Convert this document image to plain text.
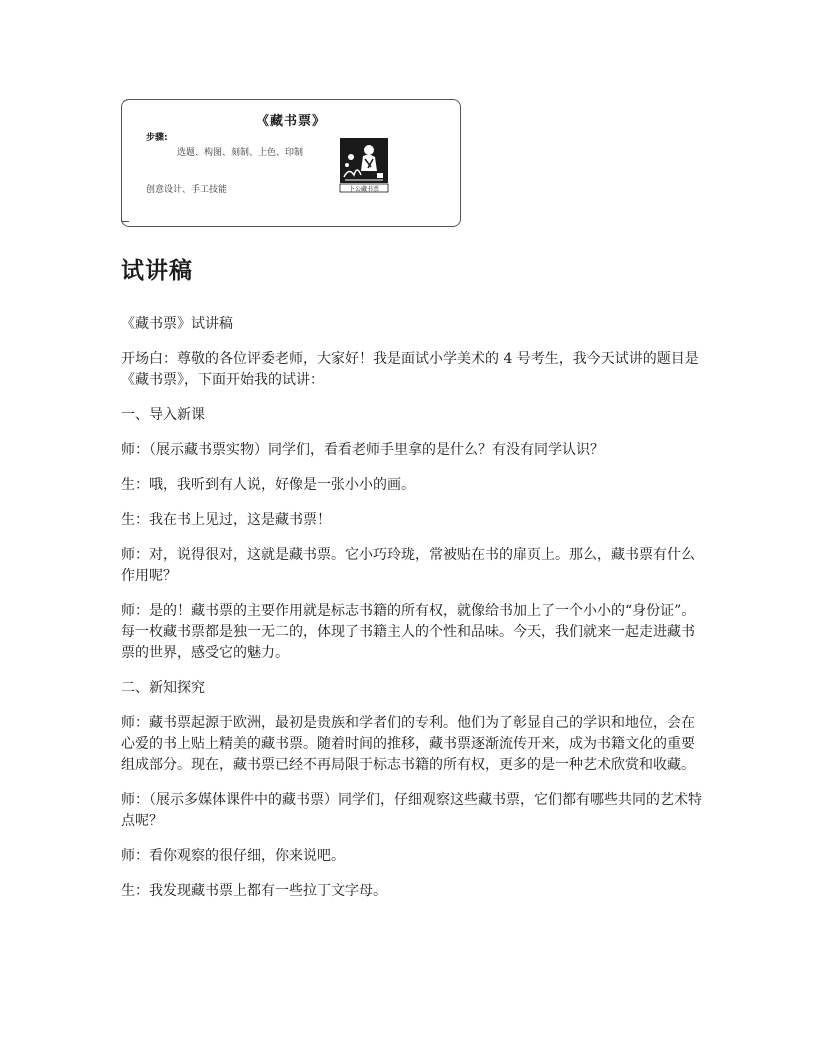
《藏书票》
步骤:
选题、构图、刻制、上色、印制
创意设计、手工技能	卜公藏书票
试讲稿

《藏书票》试讲稿

开场白：尊敬的各位评委老师，大家好！我是面试小学美术的 4 号考生，我今天试讲的题目是《藏书票》，下面开始我的试讲：

一、导入新课

师：（展示藏书票实物）同学们，看看老师手里拿的是什么？有没有同学认识？

生：哦，我听到有人说，好像是一张小小的画。

生：我在书上见过，这是藏书票！

师：对，说得很对，这就是藏书票。它小巧玲珑，常被贴在书的扉页上。那么，藏书票有什么作用呢？

师：是的！藏书票的主要作用就是标志书籍的所有权，就像给书加上了一个小小的“身份证”。每一枚藏书票都是独一无二的，体现了书籍主人的个性和品味。今天，我们就来一起走进藏书票的世界，感受它的魅力。

二、新知探究

师：藏书票起源于欧洲，最初是贵族和学者们的专利。他们为了彰显自己的学识和地位，会在心爱的书上贴上精美的藏书票。随着时间的推移，藏书票逐渐流传开来，成为书籍文化的重要组成部分。现在，藏书票已经不再局限于标志书籍的所有权，更多的是一种艺术欣赏和收藏。

师：（展示多媒体课件中的藏书票）同学们，仔细观察这些藏书票，它们都有哪些共同的艺术特点呢？

师：看你观察的很仔细，你来说吧。

生：我发现藏书票上都有一些拉丁文字母。
